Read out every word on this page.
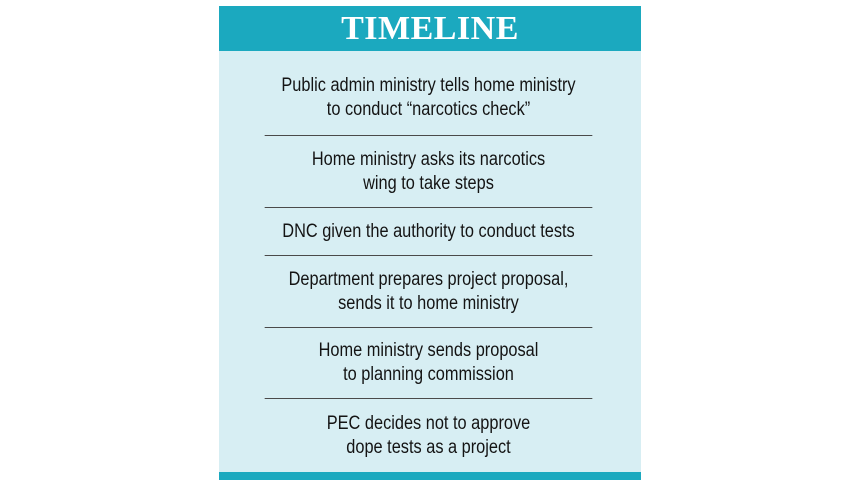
TIMELINE
Public admin ministry tells home ministry
to conduct “narcotics check”
Home ministry asks its narcotics
wing to take steps
DNC given the authority to conduct tests
Department prepares project proposal,
sends it to home ministry
Home ministry sends proposal
to planning commission
PEC decides not to approve
dope tests as a project
